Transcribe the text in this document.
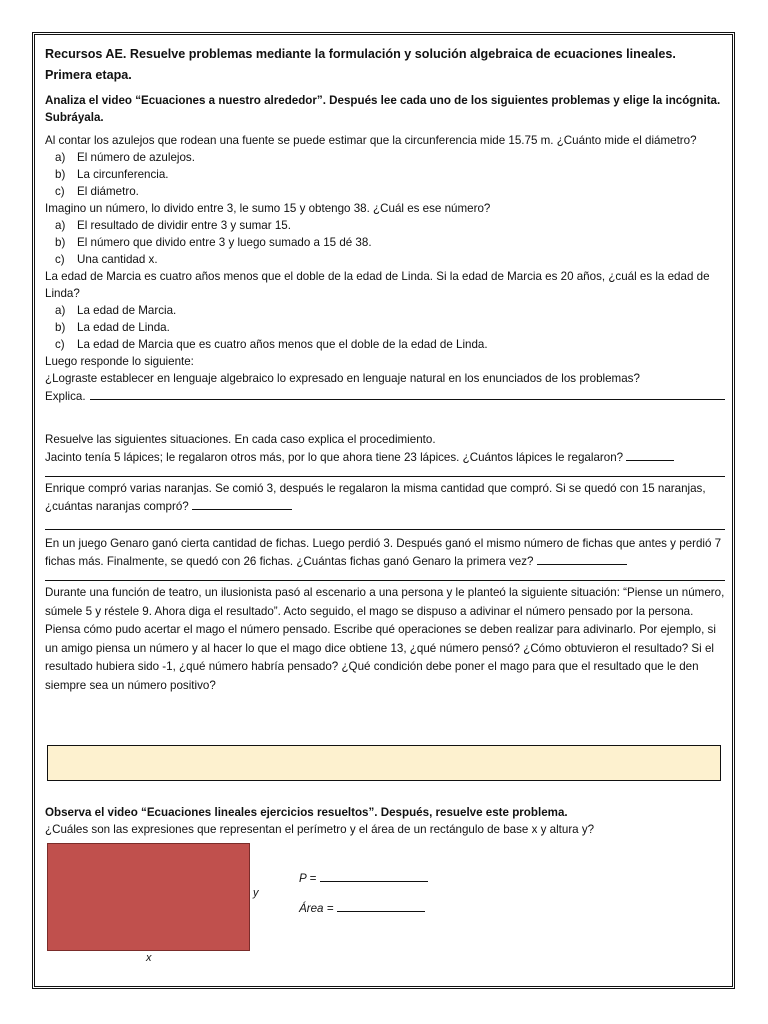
Recursos AE. Resuelve problemas mediante la formulación y solución algebraica de ecuaciones lineales. Primera etapa.

Analiza el video “Ecuaciones a nuestro alrededor”. Después lee cada uno de los siguientes problemas y elige la incógnita. Subráyala.

Al contar los azulejos que rodean una fuente se puede estimar que la circunferencia mide 15.75 m. ¿Cuánto mide el diámetro?

a) El número de azulejos.
b) La circunferencia.
c) El diámetro.

Imagino un número, lo divido entre 3, le sumo 15 y obtengo 38. ¿Cuál es ese número?

a) El resultado de dividir entre 3 y sumar 15.
b) El número que divido entre 3 y luego sumado a 15 dé 38.
c) Una cantidad x.

La edad de Marcia es cuatro años menos que el doble de la edad de Linda. Si la edad de Marcia es 20 años, ¿cuál es la edad de Linda?

a) La edad de Marcia.
b) La edad de Linda.
c) La edad de Marcia que es cuatro años menos que el doble de la edad de Linda.

Luego responde lo siguiente:

¿Lograste establecer en lenguaje algebraico lo expresado en lenguaje natural en los enunciados de los problemas?

Explica.

Resuelve las siguientes situaciones. En cada caso explica el procedimiento.

Jacinto tenía 5 lápices; le regalaron otros más, por lo que ahora tiene 23 lápices. ¿Cuántos lápices le regalaron?

Enrique compró varias naranjas. Se comió 3, después le regalaron la misma cantidad que compró. Si se quedó con 15 naranjas, ¿cuántas naranjas compró?

En un juego Genaro ganó cierta cantidad de fichas. Luego perdió 3. Después ganó el mismo número de fichas que antes y perdió 7 fichas más. Finalmente, se quedó con 26 fichas. ¿Cuántas fichas ganó Genaro la primera vez?

Durante una función de teatro, un ilusionista pasó al escenario a una persona y le planteó la siguiente situación: “Piense un número, súmele 5 y réstele 9. Ahora diga el resultado”. Acto seguido, el mago se dispuso a adivinar el número pensado por la persona. Piensa cómo pudo acertar el mago el número pensado. Escribe qué operaciones se deben realizar para adivinarlo. Por ejemplo, si un amigo piensa un número y al hacer lo que el mago dice obtiene 13, ¿qué número pensó? ¿Cómo obtuvieron el resultado? Si el resultado hubiera sido -1, ¿qué número habría pensado? ¿Qué condición debe poner el mago para que el resultado que le den siempre sea un número positivo?

Observa el video “Ecuaciones lineales ejercicios resueltos”. Después, resuelve este problema.

¿Cuáles son las expresiones que representan el perímetro y el área de un rectángulo de base x y altura y?

y
x
P =
Área =
